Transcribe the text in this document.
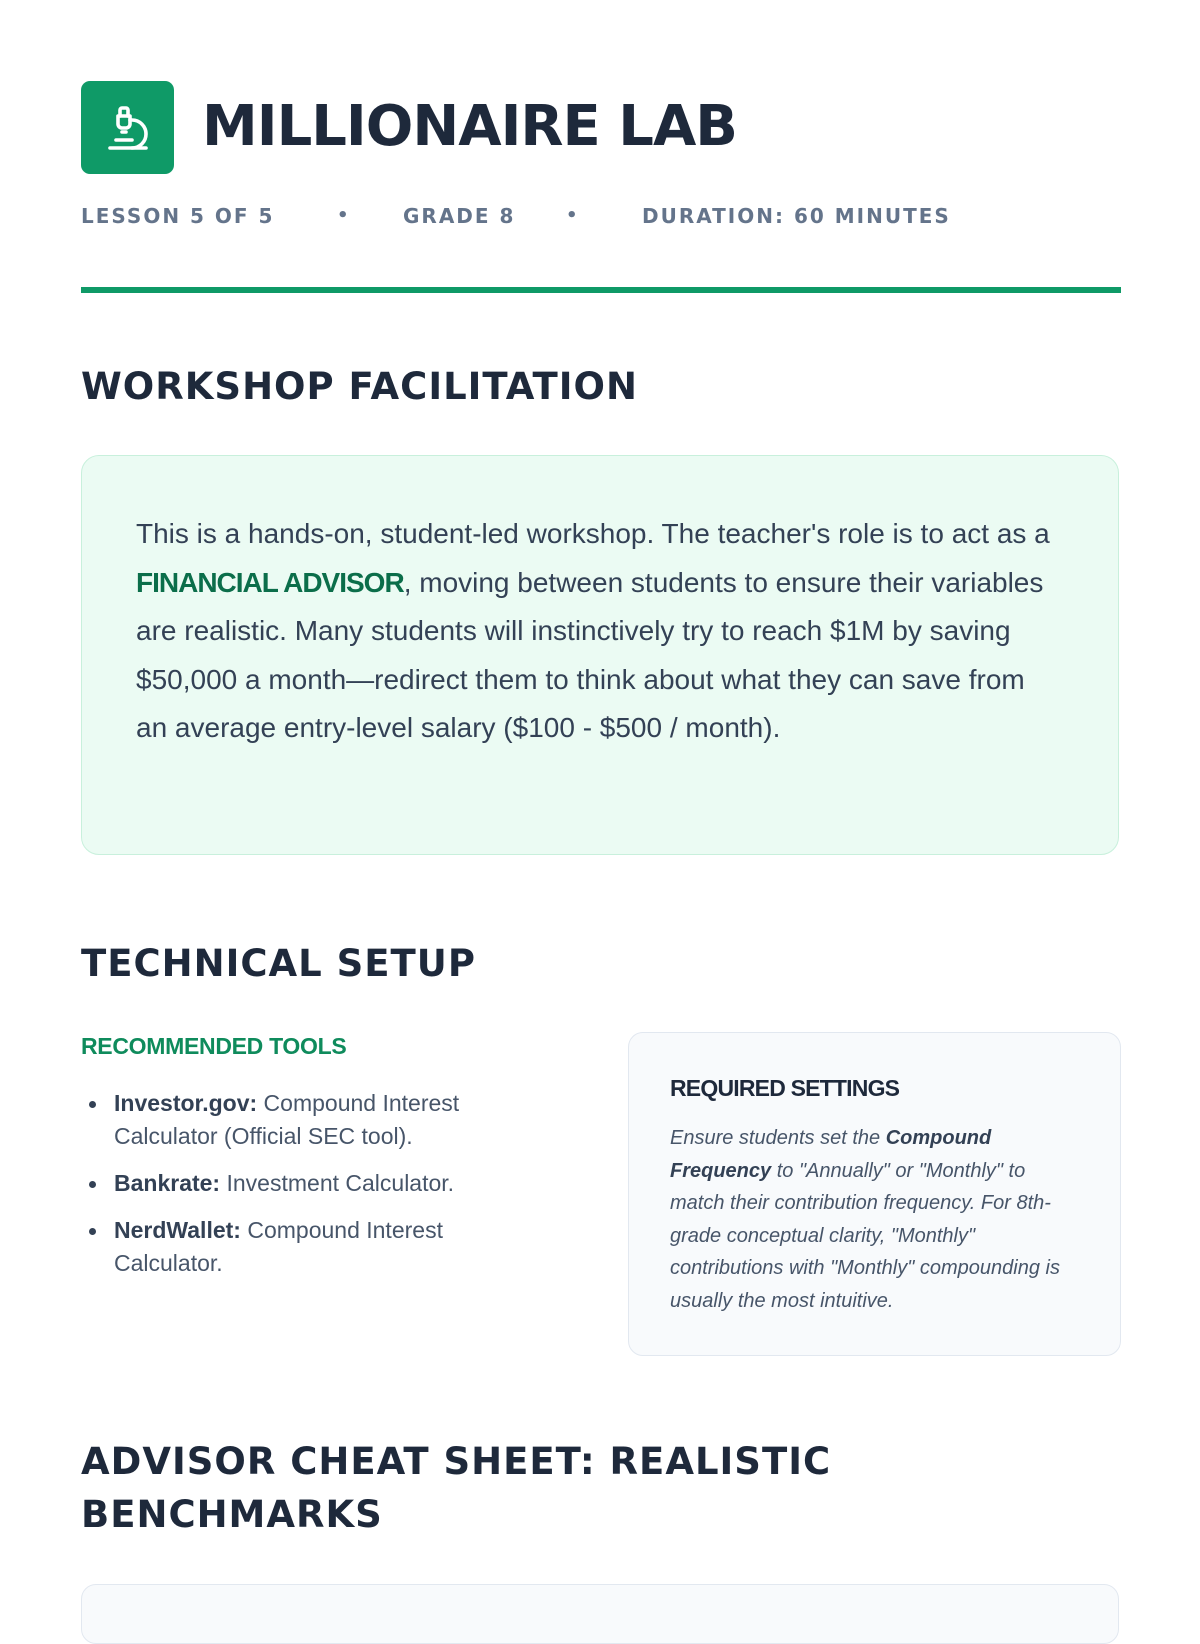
MILLIONAIRE LAB
LESSON 5 OF 5	•	GRADE 8	•	DURATION: 60 MINUTES
WORKSHOP FACILITATION

This is a hands-on, student-led workshop. The teacher's role is to act as a FINANCIAL ADVISOR, moving between students to ensure their variables are realistic. Many students will instinctively try to reach $1M by saving $50,000 a month—redirect them to think about what they can save from an average entry-level salary ($100 - $500 / month).

TECHNICAL SETUP
RECOMMENDED TOOLS
Investor.gov: Compound Interest Calculator (Official SEC tool).
Bankrate: Investment Calculator.
NerdWallet: Compound Interest Calculator.
REQUIRED SETTINGS

Ensure students set the Compound Frequency to "Annually" or "Monthly" to match their contribution frequency. For 8th-grade conceptual clarity, "Monthly" contributions with "Monthly" compounding is usually the most intuitive.

ADVISOR CHEAT SHEET: REALISTIC
BENCHMARKS
